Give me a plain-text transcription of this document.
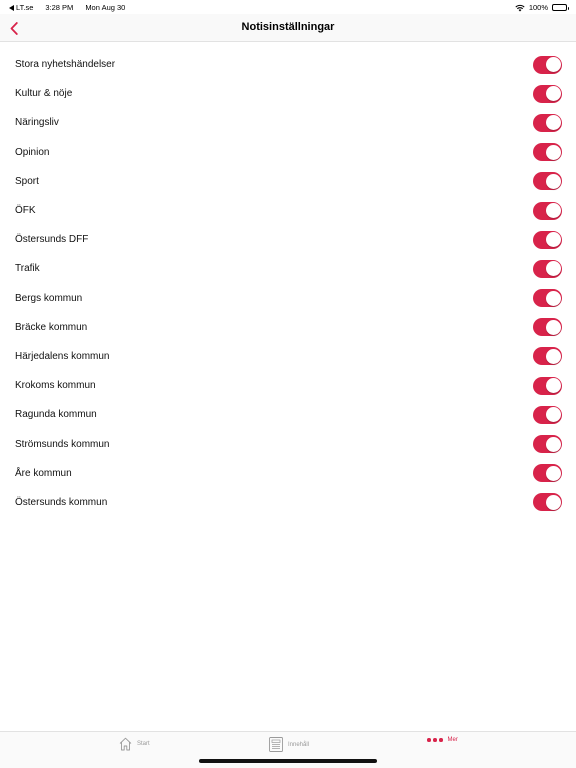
LT.se 3:28 PM Mon Aug 30	100%
Notisinställningar
Stora nyhetshändelser
Kultur & nöje
Näringsliv
Opinion
Sport
ÖFK
Östersunds DFF
Trafik
Bergs kommun
Bräcke kommun
Härjedalens kommun
Krokoms kommun
Ragunda kommun
Strömsunds kommun
Åre kommun
Östersunds kommun
Start	Innehåll
Mer
